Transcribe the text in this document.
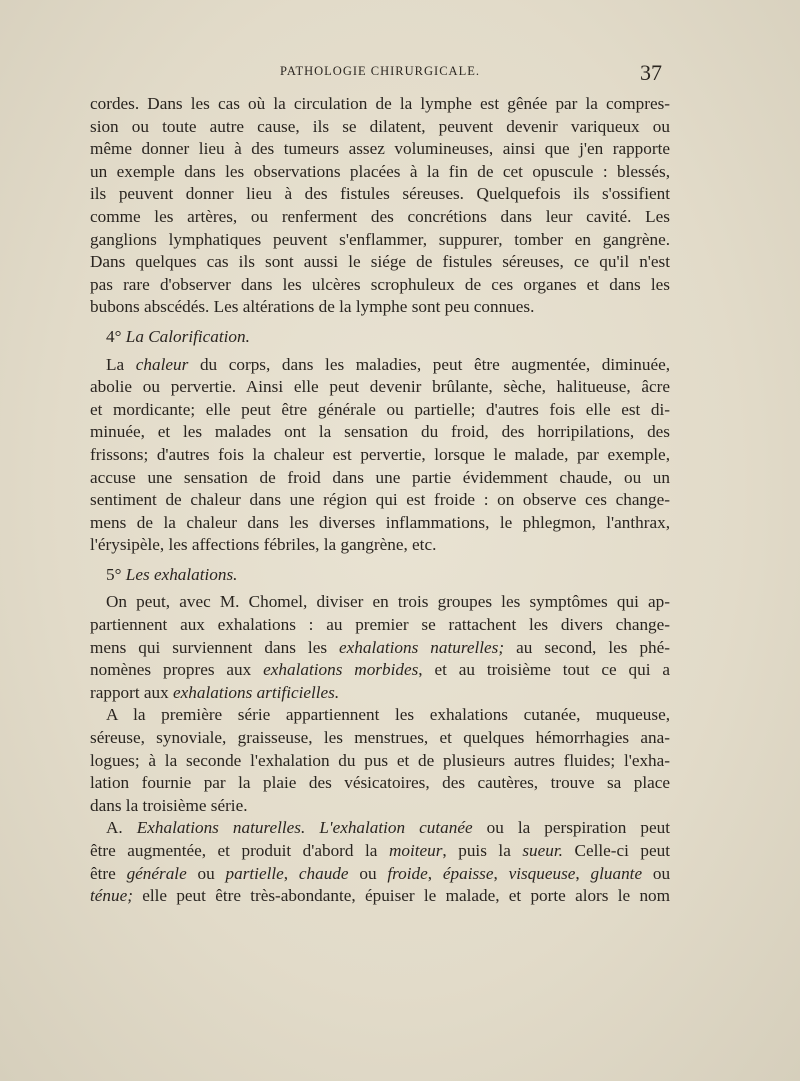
PATHOLOGIE CHIRURGICALE.	37
cordes. Dans les cas où la circulation de la lymphe est gênée par la compres-
sion ou toute autre cause, ils se dilatent, peuvent devenir variqueux ou
même donner lieu à des tumeurs assez volumineuses, ainsi que j'en rapporte
un exemple dans les observations placées à la fin de cet opuscule : blessés,
ils peuvent donner lieu à des fistules séreuses. Quelquefois ils s'ossifient
comme les artères, ou renferment des concrétions dans leur cavité. Les
ganglions lymphatiques peuvent s'enflammer, suppurer, tomber en gangrène.
Dans quelques cas ils sont aussi le siége de fistules séreuses, ce qu'il n'est
pas rare d'observer dans les ulcères scrophuleux de ces organes et dans les
bubons abscédés. Les altérations de la lymphe sont peu connues.
4° La Calorification.
La chaleur du corps, dans les maladies, peut être augmentée, diminuée,
abolie ou pervertie. Ainsi elle peut devenir brûlante, sèche, halitueuse, âcre
et mordicante; elle peut être générale ou partielle; d'autres fois elle est di-
minuée, et les malades ont la sensation du froid, des horripilations, des
frissons; d'autres fois la chaleur est pervertie, lorsque le malade, par exemple,
accuse une sensation de froid dans une partie évidemment chaude, ou un
sentiment de chaleur dans une région qui est froide : on observe ces change-
mens de la chaleur dans les diverses inflammations, le phlegmon, l'anthrax,
l'érysipèle, les affections fébriles, la gangrène, etc.
5° Les exhalations.
On peut, avec M. Chomel, diviser en trois groupes les symptômes qui ap-
partiennent aux exhalations : au premier se rattachent les divers change-
mens qui surviennent dans les exhalations naturelles; au second, les phé-
nomènes propres aux exhalations morbides, et au troisième tout ce qui a
rapport aux exhalations artificielles.
A la première série appartiennent les exhalations cutanée, muqueuse,
séreuse, synoviale, graisseuse, les menstrues, et quelques hémorrhagies ana-
logues; à la seconde l'exhalation du pus et de plusieurs autres fluides; l'exha-
lation fournie par la plaie des vésicatoires, des cautères, trouve sa place
dans la troisième série.
A. Exhalations naturelles. L'exhalation cutanée ou la perspiration peut
être augmentée, et produit d'abord la moiteur, puis la sueur. Celle-ci peut
être générale ou partielle, chaude ou froide, épaisse, visqueuse, gluante ou
ténue; elle peut être très-abondante, épuiser le malade, et porte alors le nom
